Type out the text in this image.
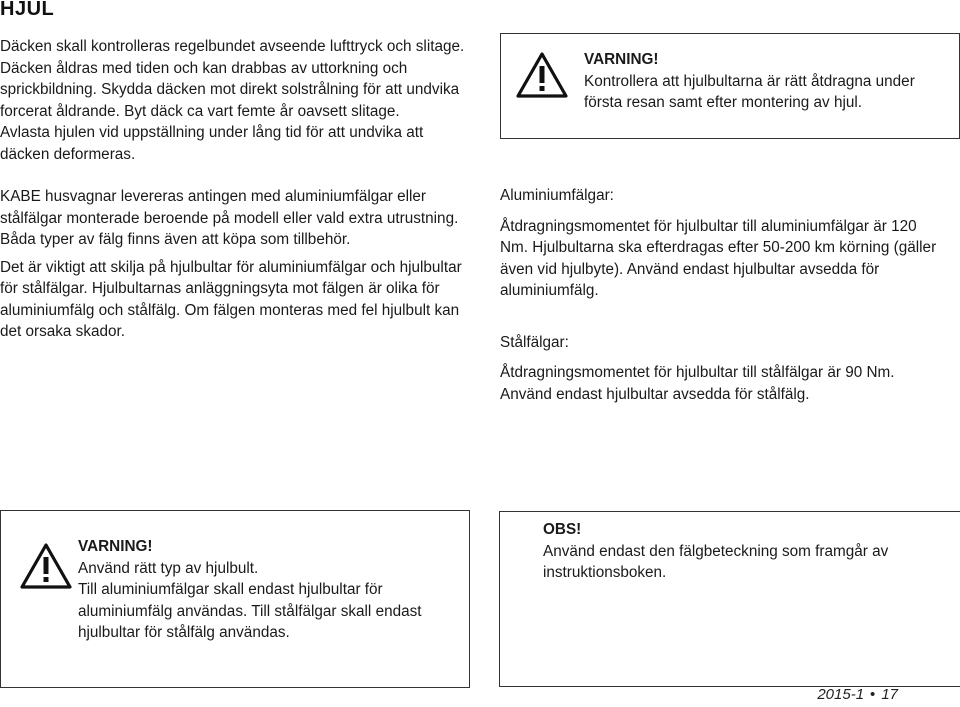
HJUL

Däcken skall kontrolleras regelbundet avseende lufttryck och slitage.

Däcken åldras med tiden och kan drabbas av uttorkning och sprickbildning. Skydda däcken mot direkt solstrålning för att undvika forcerat åldrande. Byt däck ca vart femte år oavsett slitage.

Avlasta hjulen vid uppställning under lång tid för att undvika att däcken deformeras.

KABE husvagnar levereras antingen med aluminiumfälgar eller stålfälgar monterade beroende på modell eller vald extra utrustning. Båda typer av fälg finns även att köpa som tillbehör.

Det är viktigt att skilja på hjulbultar för aluminiumfälgar och hjulbultar för stålfälgar. Hjulbultarnas anläggningsyta mot fälgen är olika för aluminiumfälg och stålfälg. Om fälgen monteras med fel hjulbult kan det orsaka skador.

VARNING!

Kontrollera att hjulbultarna är rätt åtdragna under första resan samt efter montering av hjul.

Aluminiumfälgar:

Åtdragningsmomentet för hjulbultar till aluminiumfälgar är 120 Nm. Hjulbultarna ska efterdragas efter 50-200 km körning (gäller även vid hjulbyte). Använd endast hjulbultar avsedda för aluminiumfälg.

Stålfälgar:

Åtdragningsmomentet för hjulbultar till stålfälgar är 90 Nm. Använd endast hjulbultar avsedda för stålfälg.

VARNING!

Använd rätt typ av hjulbult.

Till aluminiumfälgar skall endast hjulbultar för aluminiumfälg användas. Till stålfälgar skall endast hjulbultar för stålfälg användas.

OBS!

Använd endast den fälgbeteckning som framgår av instruktionsboken.

2015-1 • 17
